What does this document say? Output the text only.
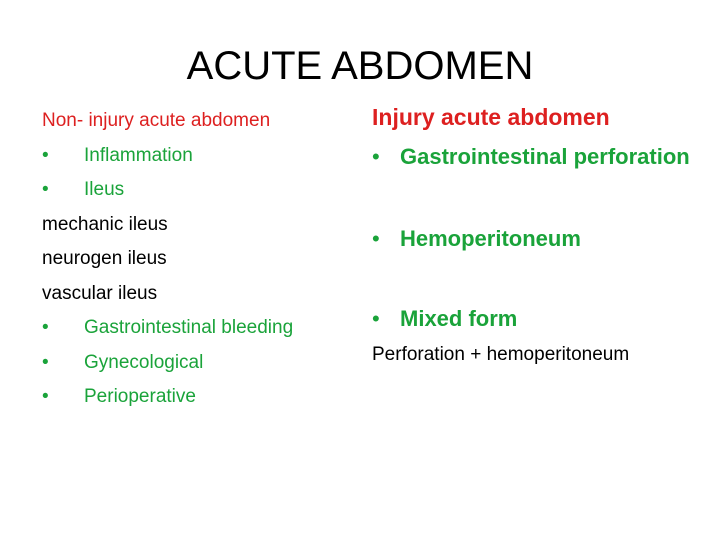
ACUTE ABDOMEN
Non- injury acute abdomen
•	Inflammation
•	Ileus
mechanic ileus
neurogen ileus
vascular ileus
•	Gastrointestinal bleeding
•	Gynecological
•	Perioperative
Injury acute abdomen
• Gastrointestinal perforation
• Hemoperitoneum
• Mixed form
Perforation + hemoperitoneum
